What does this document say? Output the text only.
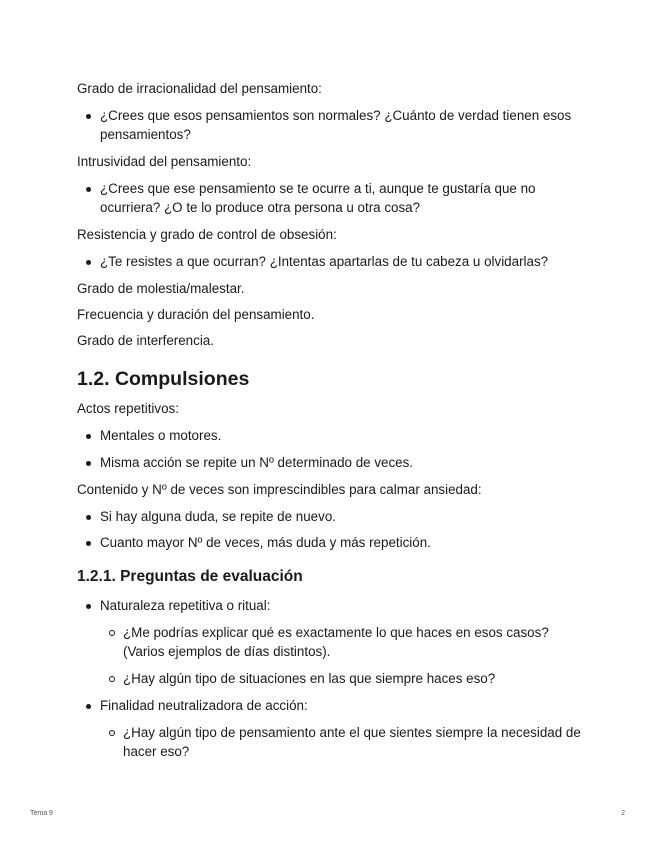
Grado de irracionalidad del pensamiento:

¿Crees que esos pensamientos son normales? ¿Cuánto de verdad tienen esos pensamientos?

Intrusividad del pensamiento:

¿Crees que ese pensamiento se te ocurre a ti, aunque te gustaría que no ocurriera? ¿O te lo produce otra persona u otra cosa?

Resistencia y grado de control de obsesión:

¿Te resistes a que ocurran? ¿Intentas apartarlas de tu cabeza u olvidarlas?

Grado de molestia/malestar.

Frecuencia y duración del pensamiento.

Grado de interferencia.

1.2. Compulsiones

Actos repetitivos:

Mentales o motores.

Misma acción se repite un Nº determinado de veces.

Contenido y Nº de veces son imprescindibles para calmar ansiedad:

Si hay alguna duda, se repite de nuevo.

Cuanto mayor Nº de veces, más duda y más repetición.

1.2.1. Preguntas de evaluación

Naturaleza repetitiva o ritual:

¿Me podrías explicar qué es exactamente lo que haces en esos casos? (Varios ejemplos de días distintos).

¿Hay algún tipo de situaciones en las que siempre haces eso?

Finalidad neutralizadora de acción:

¿Hay algún tipo de pensamiento ante el que sientes siempre la necesidad de hacer eso?

Tema 9	2
